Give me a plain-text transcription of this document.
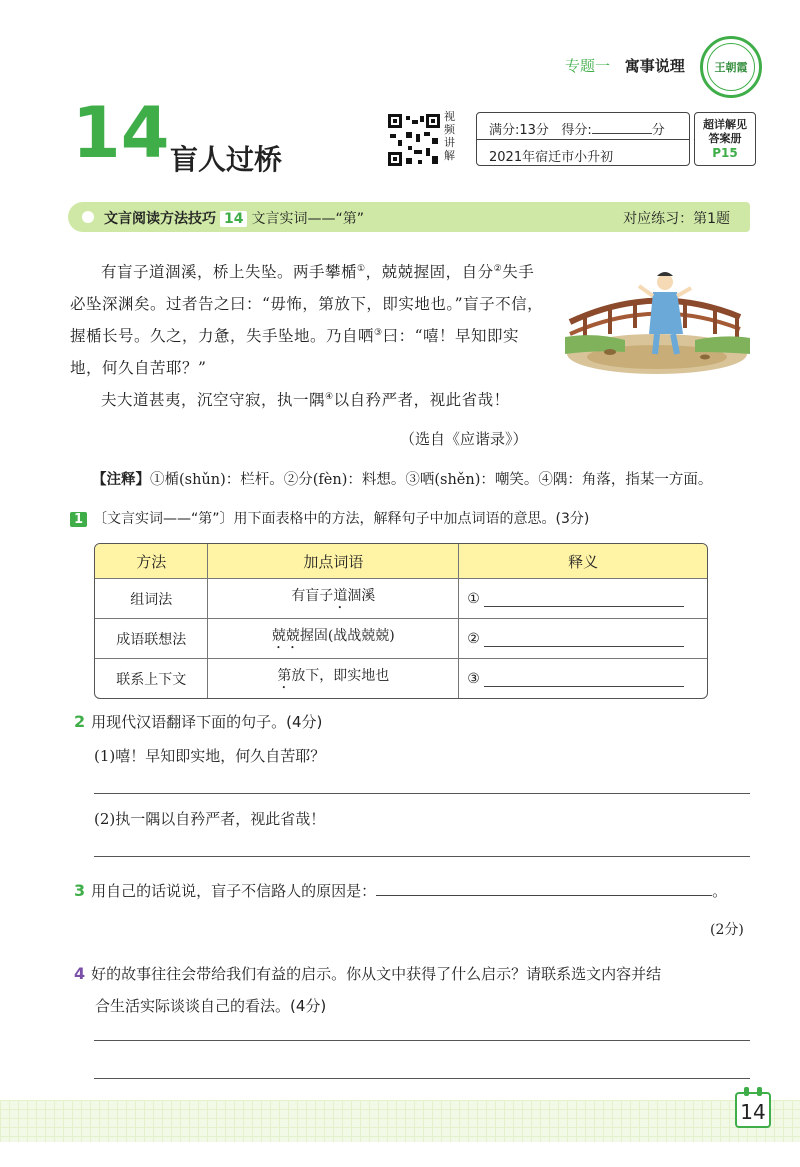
专题一 寓事说理	王朝霞
14 盲人过桥
视频讲解
满分:13分 得分:	分
2021年宿迁市小升初
超详解见
答案册
P15
文言阅读方法技巧 14 文言实词——“第”	对应练习：第1题

有盲子道涸溪，桥上失坠。两手攀楯①，兢兢握固，自分②失手必坠深渊矣。过者告之曰：“毋怖，第放下，即实地也。”盲子不信，握楯长号。久之，力惫，失手坠地。乃自哂③曰：“嘻！早知即实地，何久自苦耶？”

夫大道甚夷，沉空守寂，执一隅④以自矜严者，视此省哉！

（选自《应谐录》）
【注释】①楯(shǔn)：栏杆。②分(fèn)：料想。③哂(shěn)：嘲笑。④隅：角落，指某一方面。
1 〔文言实词——“第”〕用下面表格中的方法，解释句子中加点词语的意思。(3分)
方法	加点词语	释义
组词法	有盲子道涸溪	①
成语联想法	兢兢握固(战战兢兢)	②
联系上下文	第放下，即实地也	③
2 用现代汉语翻译下面的句子。(4分)
(1)嘻！早知即实地，何久自苦耶？
(2)执一隅以自矜严者，视此省哉！
3 用自己的话说说，盲子不信路人的原因是：	。
(2分)
4 好的故事往往会带给我们有益的启示。你从文中获得了什么启示？请联系选文内容并结
合生活实际谈谈自己的看法。(4分)
14
